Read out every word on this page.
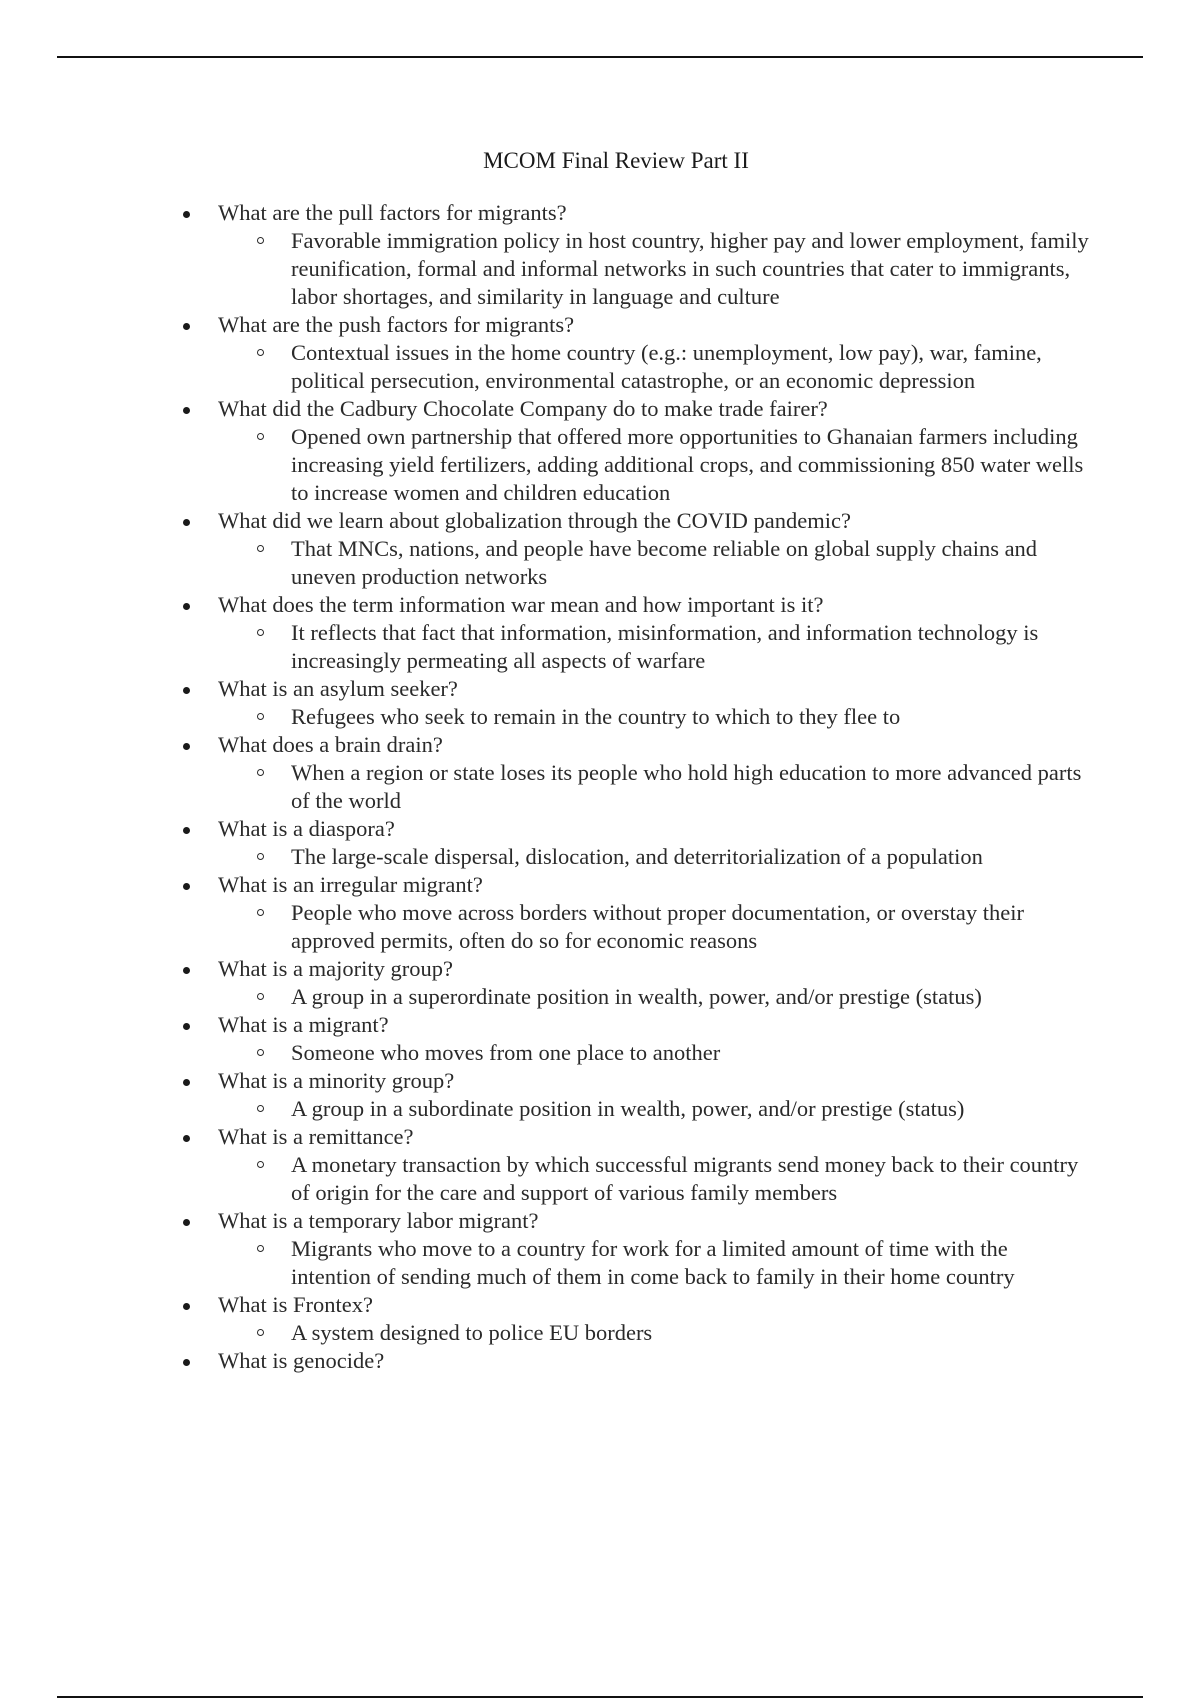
MCOM Final Review Part II
What are the pull factors for migrants?
Favorable immigration policy in host country, higher pay and lower employment, family reunification, formal and informal networks in such countries that cater to immigrants, labor shortages, and similarity in language and culture
What are the push factors for migrants?
Contextual issues in the home country (e.g.: unemployment, low pay), war, famine, political persecution, environmental catastrophe, or an economic depression
What did the Cadbury Chocolate Company do to make trade fairer?
Opened own partnership that offered more opportunities to Ghanaian farmers including increasing yield fertilizers, adding additional crops, and commissioning 850 water wells to increase women and children education
What did we learn about globalization through the COVID pandemic?
That MNCs, nations, and people have become reliable on global supply chains and uneven production networks
What does the term information war mean and how important is it?
It reflects that fact that information, misinformation, and information technology is increasingly permeating all aspects of warfare
What is an asylum seeker?
Refugees who seek to remain in the country to which to they flee to
What does a brain drain?
When a region or state loses its people who hold high education to more advanced parts of the world
What is a diaspora?
The large-scale dispersal, dislocation, and deterritorialization of a population
What is an irregular migrant?
People who move across borders without proper documentation, or overstay their approved permits, often do so for economic reasons
What is a majority group?
A group in a superordinate position in wealth, power, and/or prestige (status)
What is a migrant?
Someone who moves from one place to another
What is a minority group?
A group in a subordinate position in wealth, power, and/or prestige (status)
What is a remittance?
A monetary transaction by which successful migrants send money back to their country of origin for the care and support of various family members
What is a temporary labor migrant?
Migrants who move to a country for work for a limited amount of time with the intention of sending much of them in come back to family in their home country
What is Frontex?
A system designed to police EU borders
What is genocide?
